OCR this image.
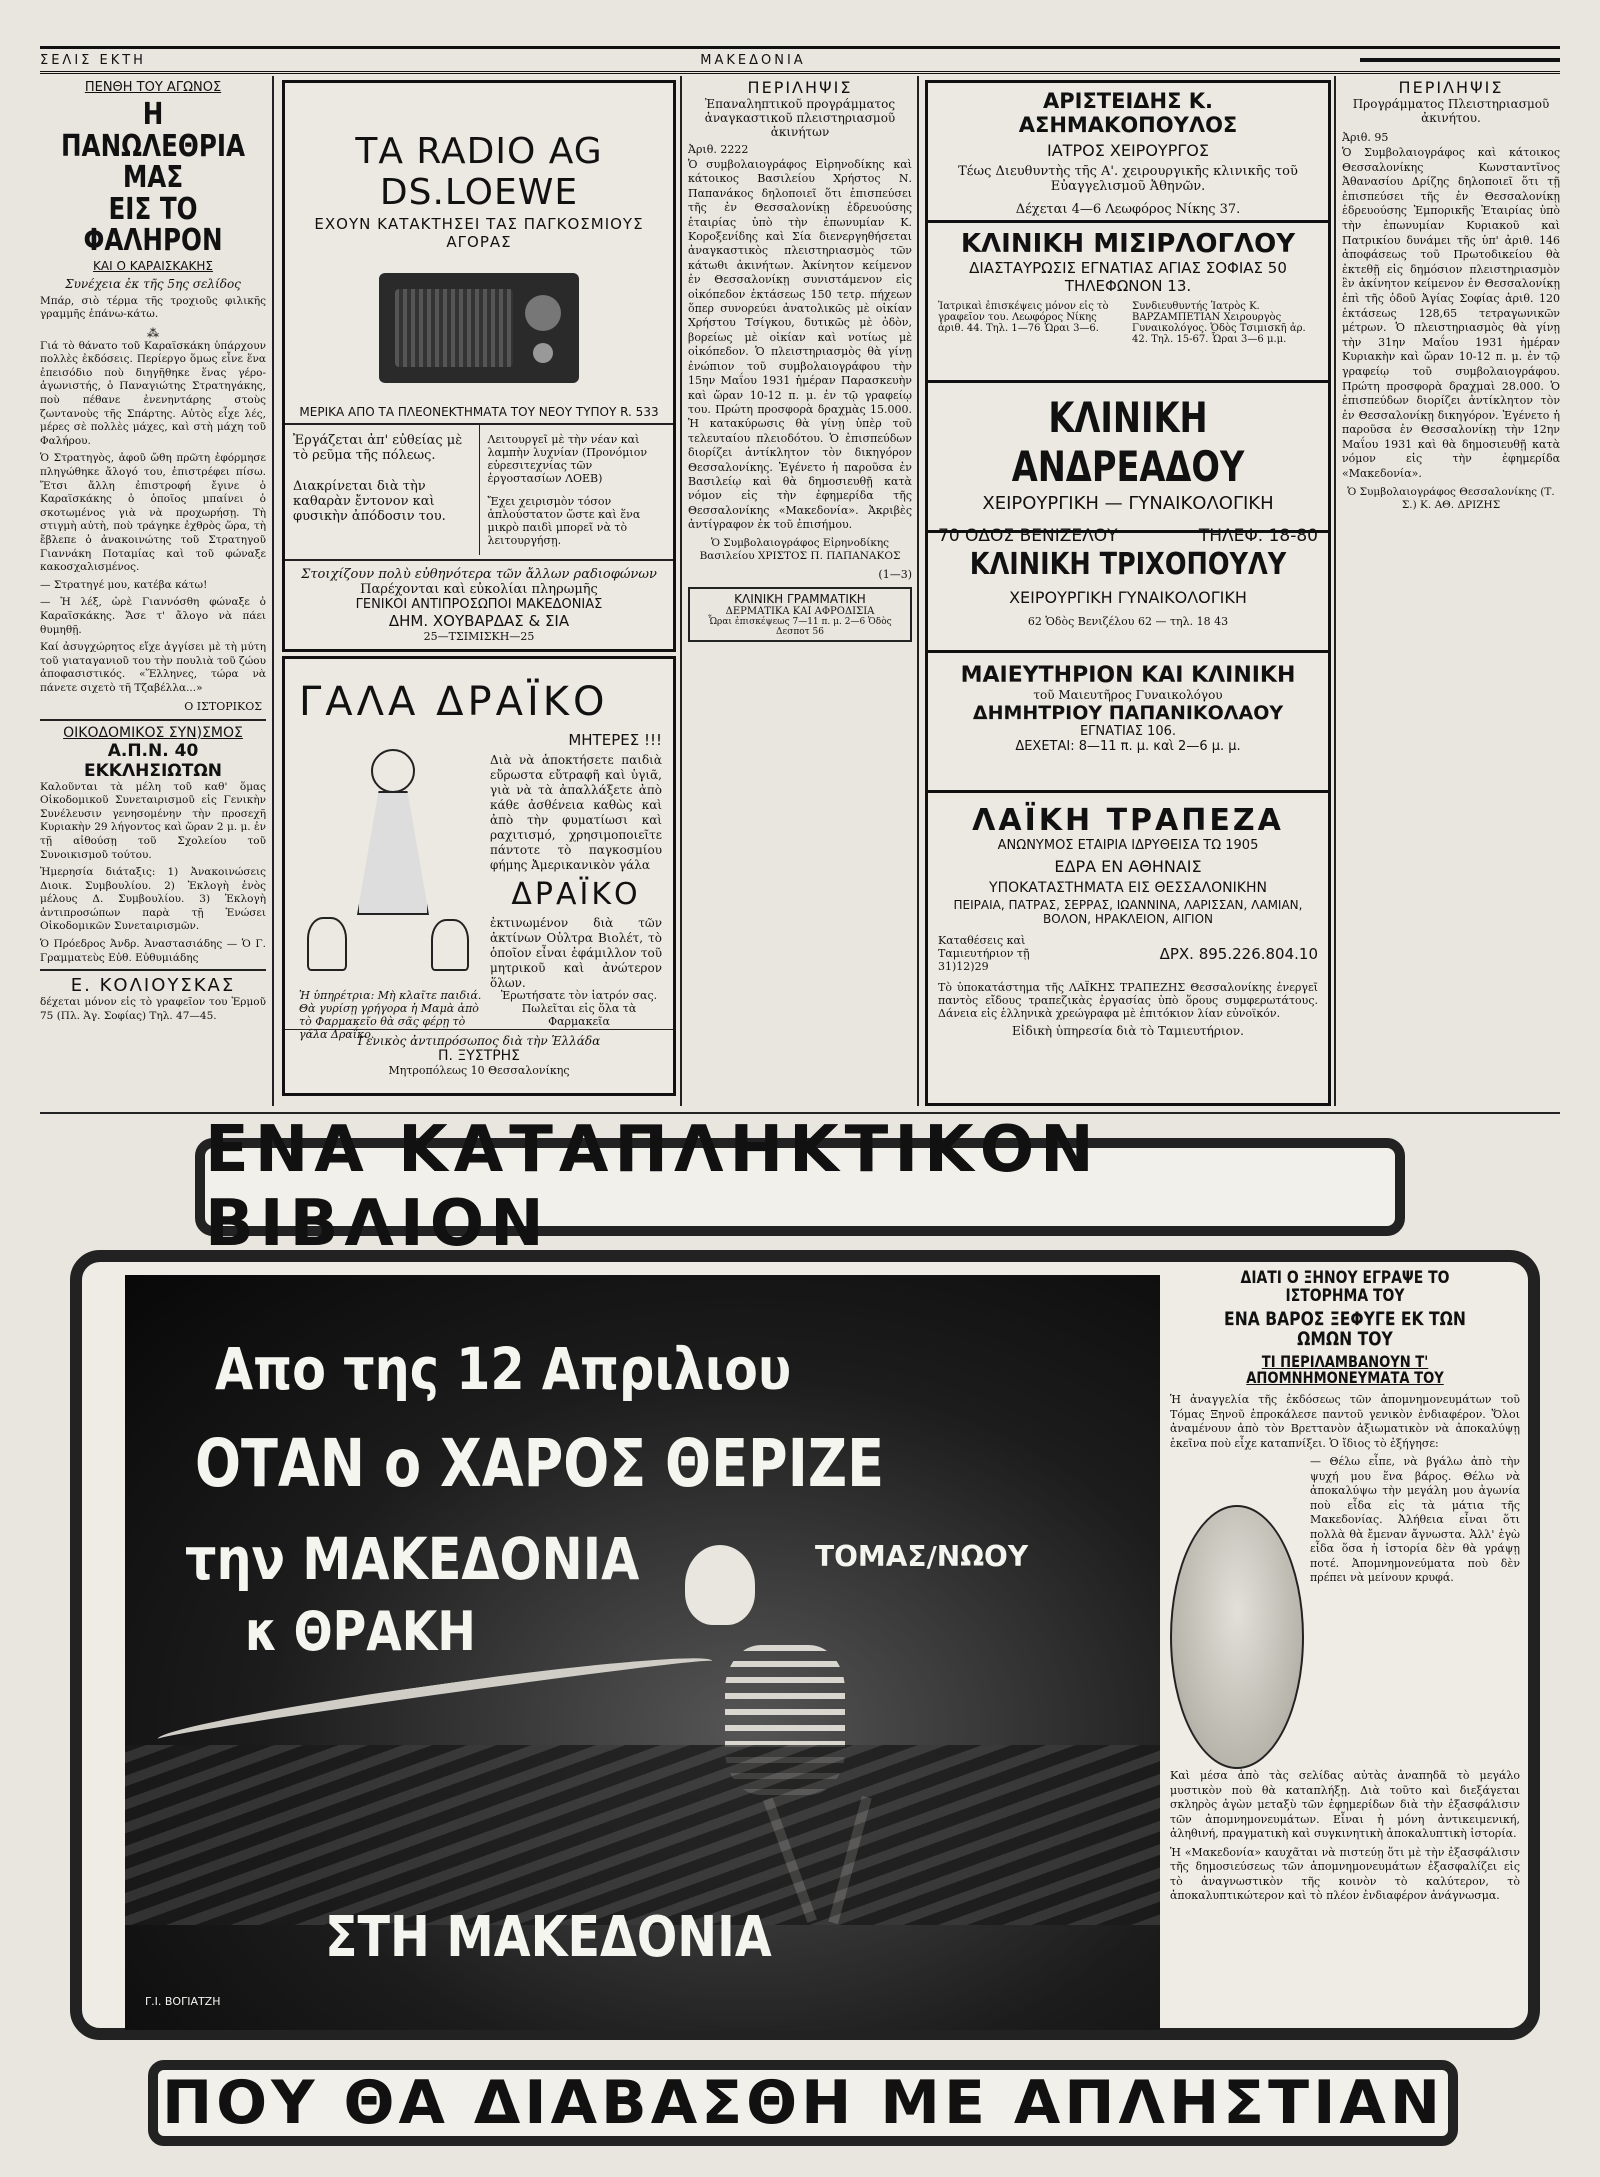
ΣΕΛΙΣ ΕΚΤΗ	ΜΑΚΕΔΟΝΙΑ
ΠΕΝΘΗ ΤΟΥ ΑΓΩΝΟΣ
Η ΠΑΝΩΛΕΘΡΙΑ ΜΑΣ
ΕΙΣ ΤΟ ΦΑΛΗΡΟΝ
ΚΑΙ Ο ΚΑΡΑΙΣΚΑΚΗΣ
Συνέχεια ἐκ τῆς 5ης σελίδος

Μπάρ, σιὸ τέρμα τῆς τροχιοῦς φιλικῆς γραμμῆς ἐπάνω-κάτω.

⁂

Γιά τὸ θάνατο τοῦ Καραϊσκάκη ὑπάρχουν πολλὲς ἐκδόσεις. Περίεργο ὅμως εἶνε ἕνα ἐπεισόδιο ποὺ διηγῆθηκε ἕνας γέρο-ἀγωνιστής, ὁ Παναγιώτης Στρατηγάκης, ποὺ πέθανε ἑνενηντάρης στοὺς ζωντανοὺς τῆς Σπάρτης. Αὐτὸς εἶχε λές, μέρες σὲ πολλὲς μάχες, καὶ στὴ μάχη τοῦ Φαλήρου.

Ὁ Στρατηγὸς, ἀφοῦ ὤθη πρῶτη ἐφόρμησε πληγώθηκε ἄλογό του, ἐπιστρέφει πίσω. Ἔτσι ἄλλη ἐπιστροφή ἔγινε ὁ Καραϊσκάκης ὁ ὁποῖος μπαίνει ὁ σκοτωμένος γιὰ νὰ προχωρήσῃ. Τὴ στιγμὴ αὐτὴ, ποὺ τράγηκε ἐχθρὸς ὥρα, τὴ ἔβλεπε ὁ ἀνακοινώτης τοῦ Στρατηγοῦ Γιαννάκη Ποταμίας καὶ τοῦ φώναξε κακοσχαλισμένος.

— Στρατηγέ μου, κατέβα κάτω!

— Ἡ λέξ, ὠρὲ Γιαννόσθη φώναξε ὁ Καραϊσκάκης. Ἄσε τ' ἄλογο νὰ πάει θυμηθῇ.

Καί ἀσυγχώρητος εἴχε ἀγγίσει μὲ τὴ μύτη τοῦ γιαταγανιοῦ του τὴν πουλιὰ τοῦ ζώου ἀποφασιστικός. «Ἕλληνες, τώρα νὰ πάνετε σιχετὸ τῆ Τζαβέλλα...»

Ο ΙΣΤΟΡΙΚΟΣ
ΟΙΚΟΔΟΜΙΚΟΣ ΣΥΝ)ΣΜΟΣ
Α.Π.Ν. 40 ΕΚΚΛΗΣΙΩΤΩΝ

Καλοῦνται τὰ μέλη τοῦ καθ' ὅμας Οἰκοδομικοῦ Συνεταιρισμοῦ εἰς Γενικὴν Συνέλευσιν γενησομένην τὴν προσεχῆ Κυριακὴν 29 λήγοντος καὶ ὥραν 2 μ. μ. ἐν τῇ αἰθούσῃ τοῦ Σχολείου τοῦ Συνοικισμοῦ τούτου.

Ἡμερησία διάταξις: 1) Ἀνακοινώσεις Διοικ. Συμβουλίου. 2) Ἐκλογὴ ἑνὸς μέλους Δ. Συμβουλίου. 3) Ἐκλογὴ ἀντιπροσώπων παρὰ τῇ Ἑνώσει Οἰκοδομικῶν Συνεταιρισμῶν.

Ὁ Πρόεδρος Ἀνδρ. Ἀναστασιάδης — Ὁ Γ. Γραμματεὺς Εὐθ. Εὐθυμιάδης

Ε. ΚΟΛΙΟΥΣΚΑΣ

δέχεται μόνον εἰς τὸ γραφεῖον του Ἑρμοῦ 75 (Πλ. Ἁγ. Σοφίας) Τηλ. 47—45.

ΤΑ RADIO AG DS.LOEWE
ΕΧΟΥΝ ΚΑΤΑΚΤΗΣΕΙ ΤΑΣ ΠΑΓΚΟΣΜΙΟΥΣ ΑΓΟΡΑΣ
ΜΕΡΙΚΑ ΑΠΟ ΤΑ ΠΛΕΟΝΕΚΤΗΜΑΤΑ ΤΟΥ ΝΕΟΥ ΤΥΠΟΥ R. 533

Ἐργάζεται ἀπ' εὐθείας μὲ τὸ ρεῦμα τῆς πόλεως.

Διακρίνεται διὰ τὴν καθαρὰν ἔντονον καὶ φυσικὴν ἀπόδοσιν του.

Λειτουργεῖ μὲ τὴν νέαν καὶ λαμπὴν λυχνίαν (Προνόμιον εὑρεσιτεχνίας τῶν ἐργοστασίων ΛΟΕΒ)

Ἔχει χειρισμὸν τόσον ἁπλούστατον ὥστε καὶ ἕνα μικρὸ παιδὶ μπορεῖ νὰ τὸ λειτουργήσῃ.

Στοιχίζουν πολὺ εὐθηνότερα τῶν ἄλλων ραδιοφώνων
Παρέχονται καὶ εὐκολίαι πληρωμῆς
ΓΕΝΙΚΟΙ ΑΝΤΙΠΡΟΣΩΠΟΙ ΜΑΚΕΔΟΝΙΑΣ
ΔΗΜ. ΧΟΥΒΑΡΔΑΣ & ΣΙΑ
25—ΤΣΙΜΙΣΚΗ—25
ΓΑΛΑ ΔΡΑΪΚΟ
ΜΗΤΕΡΕΣ !!!

Διὰ νὰ ἀποκτήσετε παιδιὰ εὔρωστα εὔτραφῆ καὶ ὑγιᾶ, γιὰ νὰ τὰ ἀπαλλάξετε ἀπὸ κάθε ἀσθένεια καθὼς καὶ ἀπὸ τὴν φυματίωσι καὶ ραχιτισμό, χρησιμοποιεῖτε πάντοτε τὸ παγκοσμίου φήμης Ἀμερικανικὸν γάλα

ΔΡΑΪΚΟ

ἐκτινωμένον διὰ τῶν ἀκτίνων Οὐλτρα Βιολέτ, τὸ ὁποῖον εἶναι ἐφάμιλλον τοῦ μητρικοῦ καὶ ἀνώτερον ὅλων.

Ἡ ὑπηρέτρια: Μὴ κλαῖτε παιδιά. Θὰ γυρίσῃ γρήγορα ἡ Μαμὰ ἀπὸ τὸ Φαρμακεῖο θὰ σᾶς φέρῃ τὸ γάλα Δραΐκο.
Ἐρωτήσατε τὸν ἰατρόν σας. Πωλεῖται εἰς ὅλα τὰ Φαρμακεῖα
Γενικὸς ἀντιπρόσωπος διὰ τὴν Ἑλλάδα
Π. ΞΥΣΤΡΗΣ
Μητροπόλεως 10 Θεσσαλονίκης
ΠΕΡΙΛΗΨΙΣ
Ἐπαναληπτικοῦ προγράμματος ἀναγκαστικοῦ πλειστηριασμοῦ ἀκινήτων
Ἀριθ. 2222

Ὁ συμβολαιογράφος Εἰρηνοδίκης καὶ κάτοικος Βασιλείου Χρήστος Ν. Παπανάκος δηλοποιεῖ ὅτι ἐπισπεύσει τῆς ἐν Θεσσαλονίκῃ ἑδρευούσης ἑταιρίας ὑπὸ τὴν ἐπωνυμίαν Κ. Κοροξενίδης καὶ Σία διενεργηθήσεται ἀναγκαστικὸς πλειστηριασμὸς τῶν κάτωθι ἀκινήτων. Ἀκίνητον κείμενον ἐν Θεσσαλονίκῃ συνιστάμενον εἰς οἰκόπεδον ἐκτάσεως 150 τετρ. πήχεων ὅπερ συνορεύει ἀνατολικῶς μὲ οἰκίαν Χρήστου Τσίγκου, δυτικῶς μὲ ὁδὸν, βορείως μὲ οἰκίαν καὶ νοτίως μὲ οἰκόπεδον. Ὁ πλειστηριασμὸς θὰ γίνῃ ἐνώπιον τοῦ συμβολαιογράφου τὴν 15ην Μαΐου 1931 ἡμέραν Παρασκευὴν καὶ ὥραν 10-12 π. μ. ἐν τῷ γραφείῳ του. Πρώτη προσφορὰ δραχμὰς 15.000. Ἡ κατακύρωσις θὰ γίνῃ ὑπὲρ τοῦ τελευταίου πλειοδότου. Ὁ ἐπισπεύδων διορίζει ἀντίκλητον τὸν δικηγόρον Θεσσαλονίκης. Ἐγένετο ἡ παροῦσα ἐν Βασιλείῳ καὶ θὰ δημοσιευθῇ κατὰ νόμον εἰς τὴν ἐφημερίδα τῆς Θεσσαλονίκης «Μακεδονία». Ἀκριβὲς ἀντίγραφον ἐκ τοῦ ἐπισήμου.

Ὁ Συμβολαιογράφος Εἰρηνοδίκης Βασιλείου ΧΡΙΣΤΟΣ Π. ΠΑΠΑΝΑΚΟΣ

(1—3)
ΚΛΙΝΙΚΗ ΓΡΑΜΜΑΤΙΚΗ
ΔΕΡΜΑΤΙΚΑ ΚΑΙ ΑΦΡΟΔΙΣΙΑ
Ὧραι ἐπισκέψεως 7—11 π. μ. 2—6 Ὁδὸς Δεσποτ 56
ΑΡΙΣΤΕΙΔΗΣ Κ. ΑΣΗΜΑΚΟΠΟΥΛΟΣ
ΙΑΤΡΟΣ ΧΕΙΡΟΥΡΓΟΣ
Τέως Διευθυντὴς τῆς Α'. χειρουργικῆς κλινικῆς τοῦ Εὐαγγελισμοῦ Ἀθηνῶν.
Δέχεται 4—6 Λεωφόρος Νίκης 37.
ΚΛΙΝΙΚΗ ΜΙΣΙΡΛΟΓΛΟΥ
ΔΙΑΣΤΑΥΡΩΣΙΣ ΕΓΝΑΤΙΑΣ ΑΓΙΑΣ ΣΟΦΙΑΣ 50
ΤΗΛΕΦΩΝΟΝ 13.
Ἰατρικαὶ ἐπισκέψεις μόνον εἰς τὸ γραφεῖον του. Λεωφόρος Νίκης ἀριθ. 44. Τηλ. 1—76 Ὧραι 3—6.
Συνδιευθυντής Ἰατρὸς Κ. ΒΑΡΖΑΜΠΕΤΙΑΝ Χειρουργὸς Γυναικολόγος. Ὁδὸς Τσιμισκῆ ἀρ. 42. Τηλ. 15-67. Ὧραι 3—6 μ.μ.
ΚΛΙΝΙΚΗ ΑΝΔΡΕΑΔΟΥ
ΧΕΙΡΟΥΡΓΙΚΗ — ΓΥΝΑΙΚΟΛΟΓΙΚΗ
70 ΟΔΟΣ ΒΕΝΙΖΕΛΟΥ	ΤΗΛΕΦ. 18-80
ΚΛΙΝΙΚΗ ΤΡΙΧΟΠΟΥΛΥ
ΧΕΙΡΟΥΡΓΙΚΗ ΓΥΝΑΙΚΟΛΟΓΙΚΗ
62 Ὁδὸς Βενιζέλου 62 — τηλ. 18 43
ΜΑΙΕΥΤΗΡΙΟΝ ΚΑΙ ΚΛΙΝΙΚΗ
τοῦ Μαιευτῆρος Γυναικολόγου
ΔΗΜΗΤΡΙΟΥ ΠΑΠΑΝΙΚΟΛΑΟΥ
ΕΓΝΑΤΙΑΣ 106.
ΔΕΧΕΤΑΙ: 8—11 π. μ. καὶ 2—6 μ. μ.
ΛΑΪΚΗ ΤΡΑΠΕΖΑ
ΑΝΩΝΥΜΟΣ ΕΤΑΙΡΙΑ ΙΔΡΥΘΕΙΣΑ ΤΩ 1905
ΕΔΡΑ ΕΝ ΑΘΗΝΑΙΣ
ΥΠΟΚΑΤΑΣΤΗΜΑΤΑ ΕΙΣ ΘΕΣΣΑΛΟΝΙΚΗΝ
ΠΕΙΡΑΙΑ, ΠΑΤΡΑΣ, ΣΕΡΡΑΣ, ΙΩΑΝΝΙΝΑ, ΛΑΡΙΣΣΑΝ, ΛΑΜΙΑΝ, ΒΟΛΟΝ, ΗΡΑΚΛΕΙΟΝ, ΑΙΓΙΟΝ
Καταθέσεις καὶ Ταμιευτήριον τῇ 31)12)29
ΔΡΧ. 895.226.804.10

Τὸ ὑποκατάστημα τῆς ΛΑΪΚΗΣ ΤΡΑΠΕΖΗΣ Θεσσαλονίκης ἐνεργεῖ παντὸς εἴδους τραπεζικὰς ἐργασίας ὑπὸ ὅρους συμφερωτάτους. Δάνεια εἰς ἑλληνικὰ χρεώγραφα μὲ ἐπιτόκιον λίαν εὐνοϊκόν.

Εἰδικὴ ὑπηρεσία διὰ τὸ Ταμιευτήριον.
ΠΕΡΙΛΗΨΙΣ
Προγράμματος Πλειστηριασμοῦ ἀκινήτου.
Ἀριθ. 95

Ὁ Συμβολαιογράφος καὶ κάτοικος Θεσσαλονίκης Κωνσταντῖνος Ἀθανασίου Δρίζης δηλοποιεῖ ὅτι τῇ ἐπισπεύσει τῆς ἐν Θεσσαλονίκῃ ἑδρευούσης Ἐμπορικῆς Ἑταιρίας ὑπὸ τὴν ἐπωνυμίαν Κυριακοῦ καὶ Πατρικίου δυνάμει τῆς ὑπ' ἀριθ. 146 ἀποφάσεως τοῦ Πρωτοδικείου θὰ ἐκτεθῇ εἰς δημόσιον πλειστηριασμὸν ἓν ἀκίνητον κείμενον ἐν Θεσσαλονίκῃ ἐπὶ τῆς ὁδοῦ Ἀγίας Σοφίας ἀριθ. 120 ἐκτάσεως 128,65 τετραγωνικῶν μέτρων. Ὁ πλειστηριασμὸς θὰ γίνῃ τὴν 31ην Μαΐου 1931 ἡμέραν Κυριακὴν καὶ ὥραν 10-12 π. μ. ἐν τῷ γραφείῳ τοῦ συμβολαιογράφου. Πρώτη προσφορὰ δραχμαὶ 28.000. Ὁ ἐπισπεύδων διορίζει ἀντίκλητον τὸν ἐν Θεσσαλονίκῃ δικηγόρον. Ἐγένετο ἡ παροῦσα ἐν Θεσσαλονίκῃ τὴν 12ην Μαΐου 1931 καὶ θὰ δημοσιευθῇ κατὰ νόμον εἰς τὴν ἐφημερίδα «Μακεδονία».

Ὁ Συμβολαιογράφος Θεσσαλονίκης (Τ. Σ.) Κ. ΑΘ. ΔΡΙΖΗΣ

ΕΝΑ ΚΑΤΑΠΛΗΚΤΙΚΟΝ ΒΙΒΛΙΟΝ
Απο της 12 Απριλιου
ΟΤΑΝ ο ΧΑΡΟΣ ΘΕΡΙΖΕ
την ΜΑΚΕΔΟΝΙΑ	ΤΟΜΑΣ/ΝΩΟΥ
κ ΘΡΑΚΗ
ΣΤΗ ΜΑΚΕΔΟΝΙΑ
Γ.Ι. ΒΟΓΙΑΤΖΗ
ΔΙΑΤΙ Ο ΞΗΝΟΥ ΕΓΡΑΨΕ ΤΟ ΙΣΤΟΡΗΜΑ ΤΟΥ
ΕΝΑ ΒΑΡΟΣ ΞΕΦΥΓΕ ΕΚ ΤΩΝ ΩΜΩΝ ΤΟΥ
ΤΙ ΠΕΡΙΛΑΜΒΑΝΟΥΝ Τ' ΑΠΟΜΝΗΜΟΝΕΥΜΑΤΑ ΤΟΥ

Ἡ ἀναγγελία τῆς ἐκδόσεως τῶν ἀπομνημονευμάτων τοῦ Τόμας Ξηνοῦ ἐπροκάλεσε παντοῦ γενικὸν ἐνδιαφέρον. Ὅλοι ἀναμένουν ἀπὸ τὸν Βρεττανὸν ἀξιωματικὸν νὰ ἀποκαλύψῃ ἐκεῖνα ποὺ εἶχε καταπνίξει. Ὁ ἴδιος τὸ ἐξήγησε:

— Θέλω εἶπε, νὰ βγάλω ἀπὸ τὴν ψυχή μου ἕνα βάρος. Θέλω νὰ ἀποκαλύψω τὴν μεγάλη μου ἀγωνία ποὺ εἶδα εἰς τὰ μάτια τῆς Μακεδονίας. Ἀλήθεια εἶναι ὅτι πολλὰ θὰ ἔμεναν ἄγνωστα. Ἀλλ' ἐγὼ εἶδα ὅσα ἡ ἱστορία δὲν θὰ γράψῃ ποτέ. Ἀπομνημονεύματα ποὺ δὲν πρέπει νὰ μείνουν κρυφά.

Καὶ μέσα ἀπὸ τὰς σελίδας αὐτὰς ἀναπηδᾶ τὸ μεγάλο μυστικὸν ποὺ θὰ καταπλήξῃ. Διὰ τοῦτο καὶ διεξάγεται σκληρὸς ἀγὼν μεταξὺ τῶν ἐφημερίδων διὰ τὴν ἐξασφάλισιν τῶν ἀπομνημονευμάτων. Εἶναι ἡ μόνη ἀντικειμενική, ἀληθινή, πραγματικὴ καὶ συγκινητικὴ ἀποκαλυπτικὴ ἱστορία.

Ἡ «Μακεδονία» καυχᾶται νὰ πιστεύῃ ὅτι μὲ τὴν ἐξασφάλισιν τῆς δημοσιεύσεως τῶν ἀπομνημονευμάτων ἐξασφαλίζει εἰς τὸ ἀναγνωστικὸν τῆς κοινὸν τὸ καλύτερον, τὸ ἀποκαλυπτικώτερον καὶ τὸ πλέον ἐνδιαφέρον ἀνάγνωσμα.

ΠΟΥ ΘΑ ΔΙΑΒΑΣΘΗ ΜΕ ΑΠΛΗΣΤΙΑΝ
